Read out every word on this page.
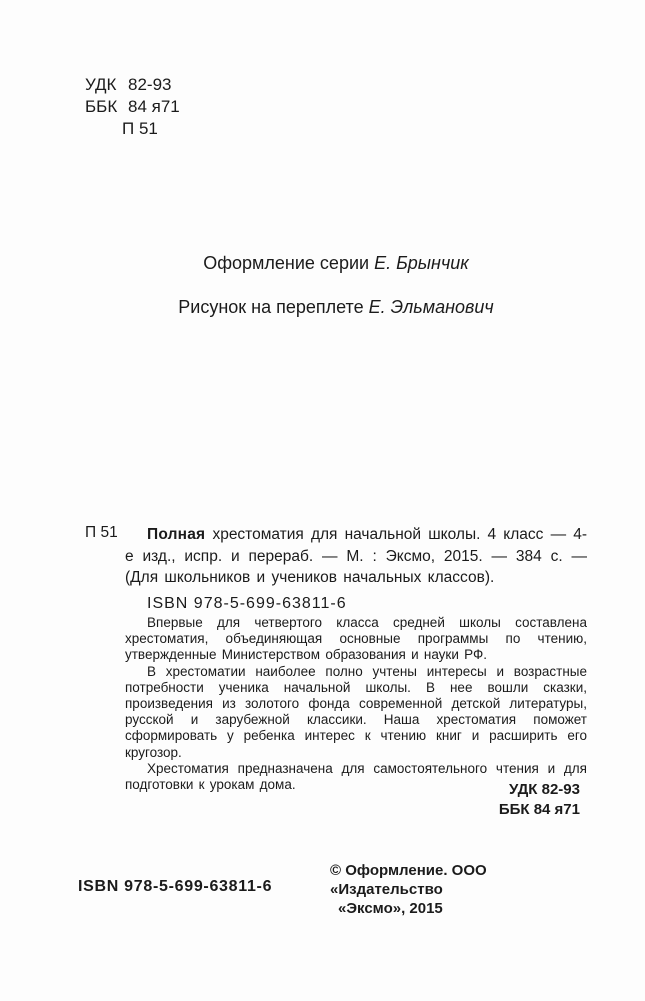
УДК 82-93
ББК 84 я71
П 51
Оформление серии Е. Брынчик
Рисунок на переплете Е. Эльманович
П 51	Полная хрестоматия для начальной школы. 4 класс — 4-е изд., испр. и перераб. — М. : Эксмо, 2015. — 384 с. — (Для школьников и учеников начальных классов).

ISBN 978-5-699-63811-6

Впервые для четвертого класса средней школы составлена хрестоматия, объединяющая основные программы по чтению, утвержденные Министерством образования и науки РФ.

В хрестоматии наиболее полно учтены интересы и возрастные потребности ученика начальной школы. В нее вошли сказки, произведения из золотого фонда современной детской литературы, русской и зарубежной классики. Наша хрестоматия поможет сформировать у ребенка интерес к чтению книг и расширить его кругозор.

Хрестоматия предназначена для самостоятельного чтения и для подготовки к урокам дома.	УДК 82-93
ББК 84 я71
ISBN 978-5-699-63811-6
© Оформление. ООО «Издательство
«Эксмо», 2015
